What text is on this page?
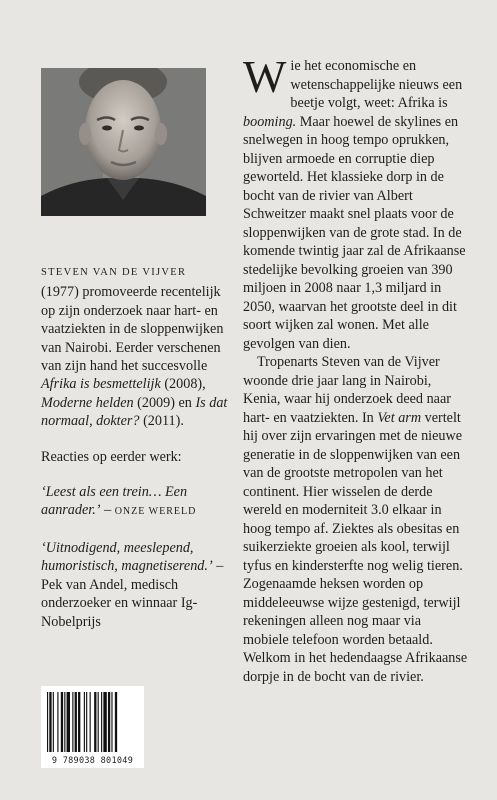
STEVEN VAN DE VIJVER

(1977) promoveerde recentelijk op zijn onderzoek naar hart- en vaatziekten in de sloppenwijken van Nairobi. Eerder verschenen van zijn hand het succesvolle Afrika is besmettelijk (2008), Moderne helden (2009) en Is dat normaal, dokter? (2011).

Reacties op eerder werk:

‘Leest als een trein… Een aanrader.’ – ONZE WERELD

‘Uitnodigend, meeslepend, humoristisch, magnetiserend.’ – Pek van Andel, medisch onderzoeker en winnaar Ig-Nobelprijs

Wie het economische en wetenschappelijke nieuws een beetje volgt, weet: Afrika is booming. Maar hoewel de skylines en snelwegen in hoog tempo oprukken, blijven armoede en corruptie diep geworteld. Het klassieke dorp in de bocht van de rivier van Albert Schweitzer maakt snel plaats voor de sloppenwijken van de grote stad. In de komende twintig jaar zal de Afrikaanse stedelijke bevolking groeien van 390 miljoen in 2008 naar 1,3 miljard in 2050, waarvan het grootste deel in dit soort wijken zal wonen. Met alle gevolgen van dien.

Tropenarts Steven van de Vijver woonde drie jaar lang in Nairobi, Kenia, waar hij onderzoek deed naar hart- en vaatziekten. In Vet arm vertelt hij over zijn ervaringen met de nieuwe generatie in de sloppenwijken van een van de grootste metropolen van het continent. Hier wisselen de derde wereld en moderniteit 3.0 elkaar in hoog tempo af. Ziektes als obesitas en suikerziekte groeien als kool, terwijl tyfus en kindersterfte nog welig tieren. Zogenaamde heksen worden op middeleeuwse wijze gestenigd, terwijl rekeningen alleen nog maar via mobiele telefoon worden betaald. Welkom in het hedendaagse Afrikaanse dorpje in de bocht van de rivier.

9 789038 801049
